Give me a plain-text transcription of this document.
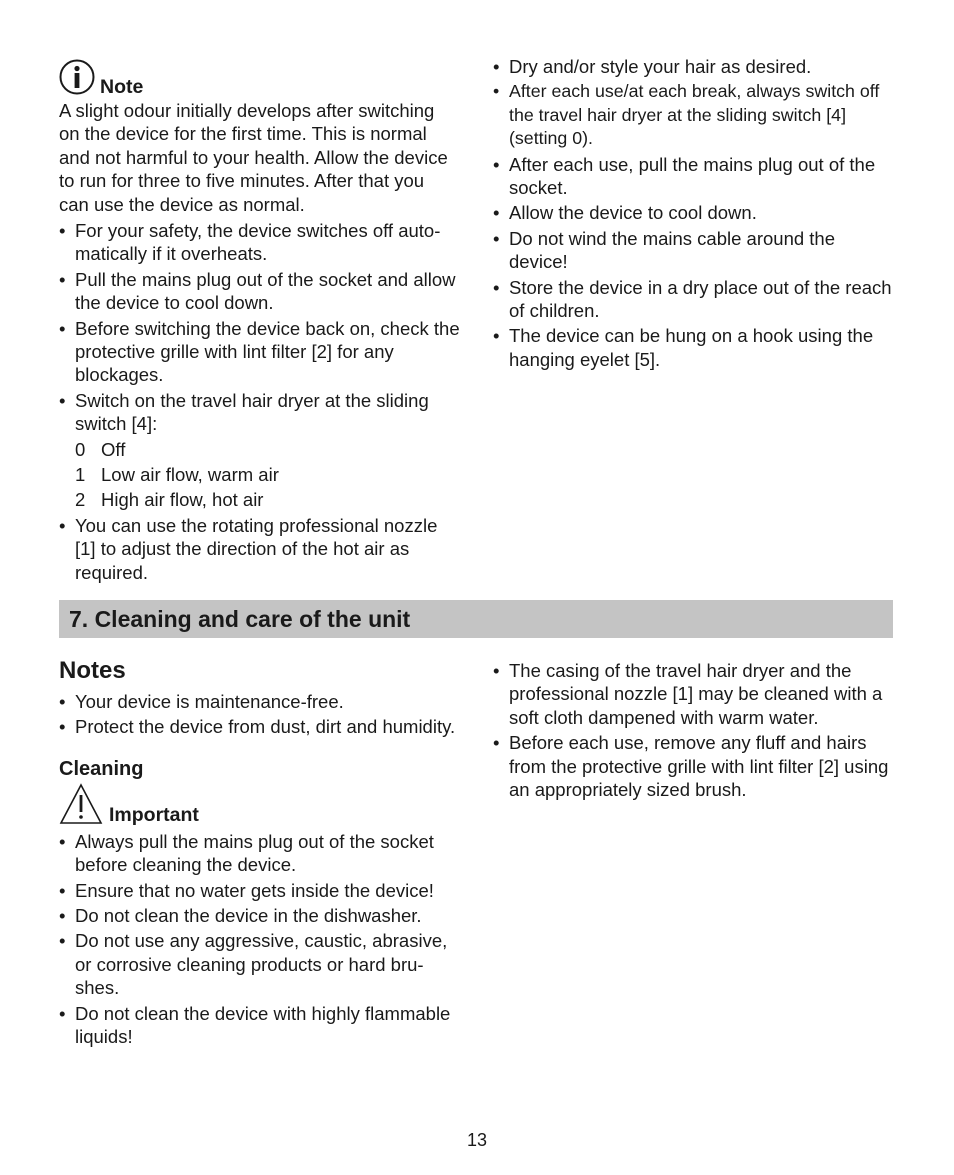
Note

A slight odour initially develops after switching on the device for the first time. This is normal and not harmful to your health. Allow the device to run for three to five minutes. After that you can use the device as normal.

• For your safety, the device switches off auto-matically if it overheats.
• Pull the mains plug out of the socket and allow the device to cool down.
• Before switching the device back on, check the protective grille with lint filter [2] for any blockages.
• Switch on the travel hair dryer at the sliding switch [4]:
0 Off
1 Low air flow, warm air
2 High air flow, hot air
• You can use the rotating professional nozzle [1] to adjust the direction of the hot air as required.
• Dry and/or style your hair as desired.
• After each use/at each break, always switch off the travel hair dryer at the sliding switch [4] (setting 0).
• After each use, pull the mains plug out of the socket.
• Allow the device to cool down.
• Do not wind the mains cable around the device!
• Store the device in a dry place out of the reach of children.
• The device can be hung on a hook using the hanging eyelet [5].
7. Cleaning and care of the unit
Notes
• Your device is maintenance-free.
• Protect the device from dust, dirt and humidity.
Cleaning
Important
• Always pull the mains plug out of the socket before cleaning the device.
• Ensure that no water gets inside the device!
• Do not clean the device in the dishwasher.
• Do not use any aggressive, caustic, abrasive, or corrosive cleaning products or hard bru-shes.
• Do not clean the device with highly flammable liquids!
• The casing of the travel hair dryer and the professional nozzle [1] may be cleaned with a soft cloth dampened with warm water.
• Before each use, remove any fluff and hairs from the protective grille with lint filter [2] using an appropriately sized brush.
13
